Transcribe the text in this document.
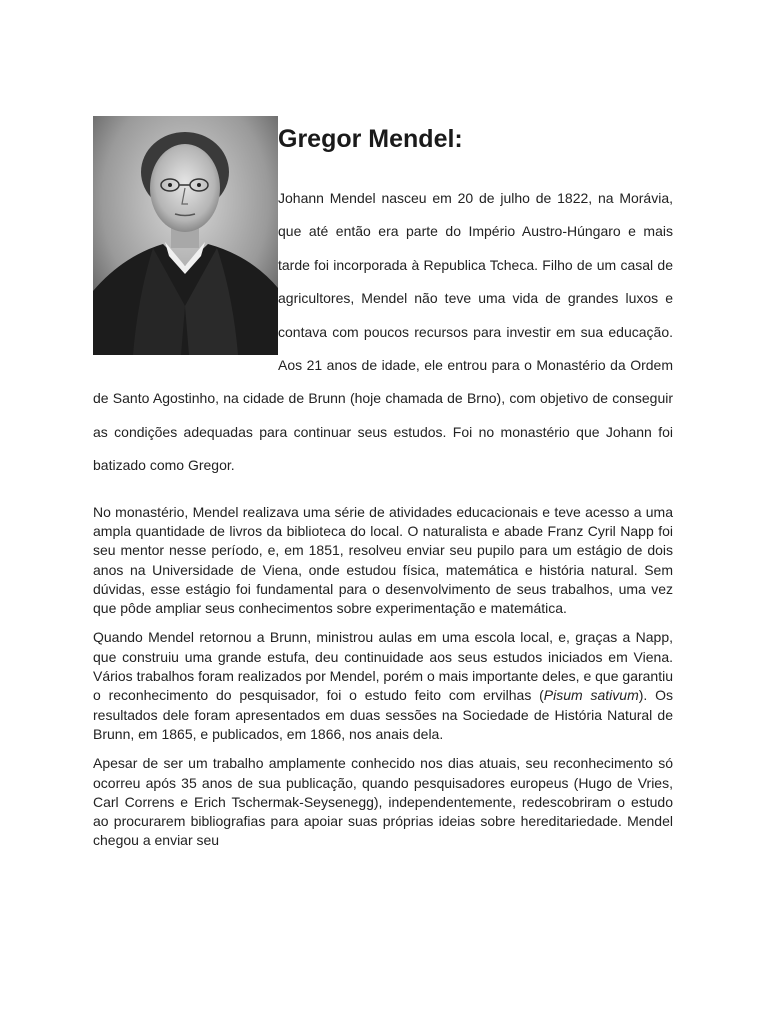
Gregor Mendel:

Johann Mendel nasceu em 20 de julho de 1822, na Morávia, que até então era parte do Império Austro-Húngaro e mais tarde foi incorporada à Republica Tcheca. Filho de um casal de agricultores, Mendel não teve uma vida de grandes luxos e contava com poucos recursos para investir em sua educação. Aos 21 anos de idade, ele entrou para o Monastério da Ordem de Santo Agostinho, na cidade de Brunn (hoje chamada de Brno), com objetivo de conseguir as condições adequadas para continuar seus estudos. Foi no monastério que Johann foi batizado como Gregor.

No monastério, Mendel realizava uma série de atividades educacionais e teve acesso a uma ampla quantidade de livros da biblioteca do local. O naturalista e abade Franz Cyril Napp foi seu mentor nesse período, e, em 1851, resolveu enviar seu pupilo para um estágio de dois anos na Universidade de Viena, onde estudou física, matemática e história natural. Sem dúvidas, esse estágio foi fundamental para o desenvolvimento de seus trabalhos, uma vez que pôde ampliar seus conhecimentos sobre experimentação e matemática.

Quando Mendel retornou a Brunn, ministrou aulas em uma escola local, e, graças a Napp, que construiu uma grande estufa, deu continuidade aos seus estudos iniciados em Viena. Vários trabalhos foram realizados por Mendel, porém o mais importante deles, e que garantiu o reconhecimento do pesquisador, foi o estudo feito com ervilhas (Pisum sativum). Os resultados dele foram apresentados em duas sessões na Sociedade de História Natural de Brunn, em 1865, e publicados, em 1866, nos anais dela.

Apesar de ser um trabalho amplamente conhecido nos dias atuais, seu reconhecimento só ocorreu após 35 anos de sua publicação, quando pesquisadores europeus (Hugo de Vries, Carl Correns e Erich Tschermak-Seysenegg), independentemente, redescobriram o estudo ao procurarem bibliografias para apoiar suas próprias ideias sobre hereditariedade. Mendel chegou a enviar seu
